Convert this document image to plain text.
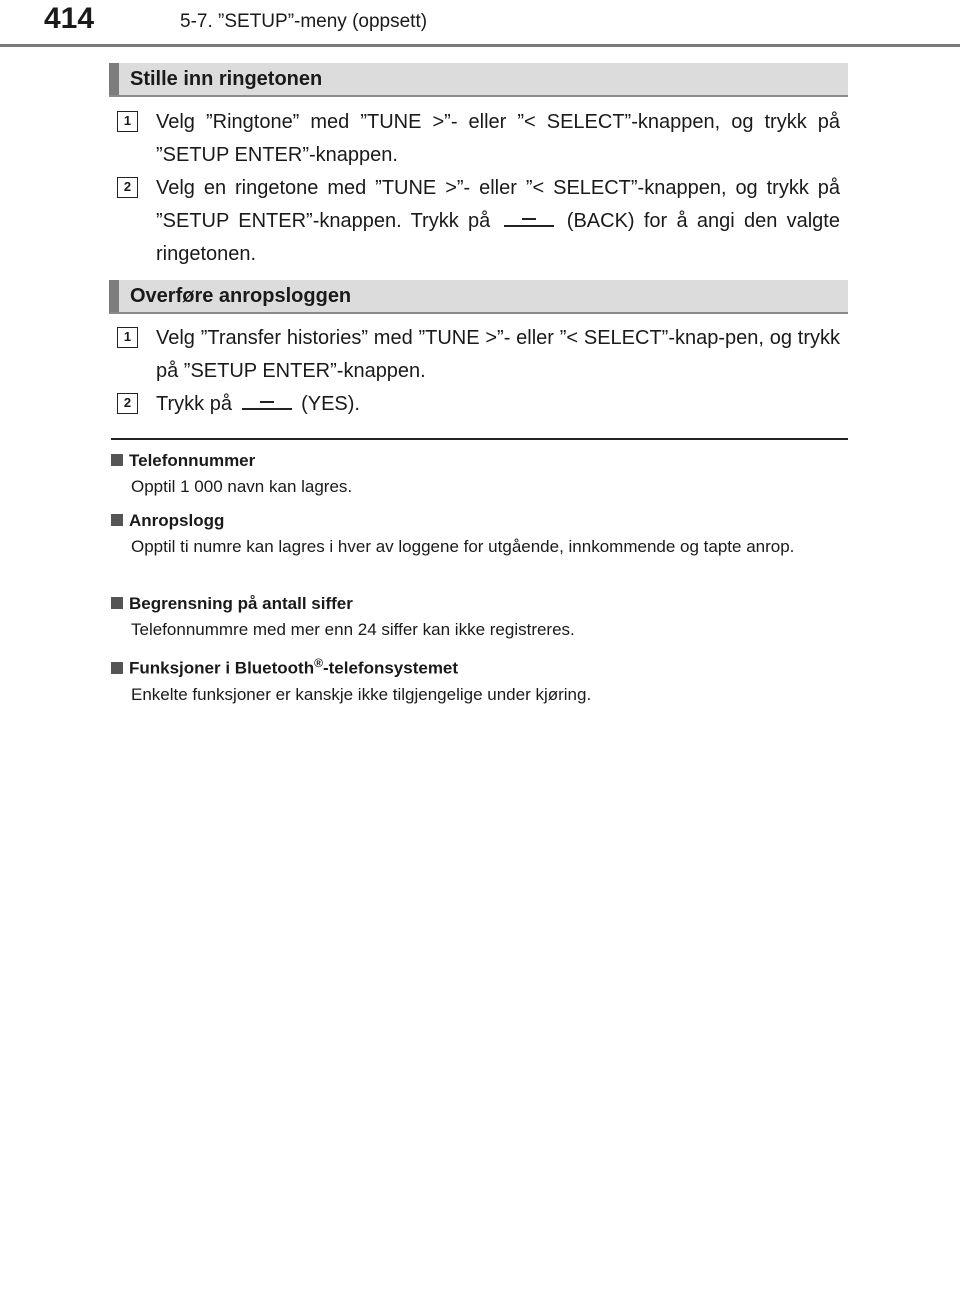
414	5-7. ”SETUP”-meny (oppsett)
Stille inn ringetonen
1	Velg ”Ringtone” med ”TUNE >”- eller ”< SELECT”-knappen, og trykk på ”SETUP ENTER”-knappen.

2	Velg en ringetone med ”TUNE >”- eller ”< SELECT”-knappen, og trykk på ”SETUP ENTER”-knappen. Trykk på	(BACK) for å angi den valgte ringetonen.

Overføre anropsloggen
1	Velg ”Transfer histories” med ”TUNE >”- eller ”< SELECT”-knap-pen, og trykk på ”SETUP ENTER”-knappen.

2	Trykk på	(YES).

Telefonnummer
Opptil 1 000 navn kan lagres.
Anropslogg
Opptil ti numre kan lagres i hver av loggene for utgående, innkommende og tapte anrop.
Begrensning på antall siffer
Telefonnummre med mer enn 24 siffer kan ikke registreres.
Funksjoner i Bluetooth®-telefonsystemet
Enkelte funksjoner er kanskje ikke tilgjengelige under kjøring.
